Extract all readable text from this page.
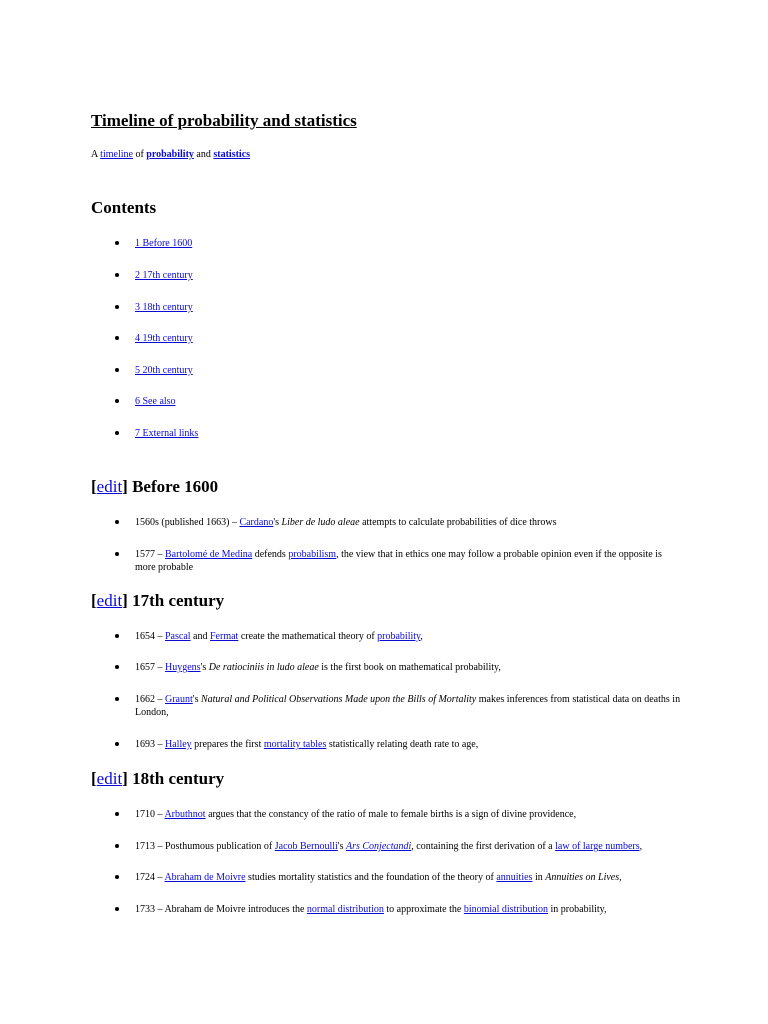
Timeline of probability and statistics
A timeline of probability and statistics
Contents
1 Before 1600
2 17th century
3 18th century
4 19th century
5 20th century
6 See also
7 External links
[edit] Before 1600
1560s (published 1663) – Cardano's Liber de ludo aleae attempts to calculate probabilities of dice throws
1577 – Bartolomé de Medina defends probabilism, the view that in ethics one may follow a probable opinion even if the opposite is more probable
[edit] 17th century
1654 – Pascal and Fermat create the mathematical theory of probability,
1657 – Huygens's De ratiociniis in ludo aleae is the first book on mathematical probability,
1662 – Graunt's Natural and Political Observations Made upon the Bills of Mortality makes inferences from statistical data on deaths in London,
1693 – Halley prepares the first mortality tables statistically relating death rate to age,
[edit] 18th century
1710 – Arbuthnot argues that the constancy of the ratio of male to female births is a sign of divine providence,
1713 – Posthumous publication of Jacob Bernoulli's Ars Conjectandi, containing the first derivation of a law of large numbers,
1724 – Abraham de Moivre studies mortality statistics and the foundation of the theory of annuities in Annuities on Lives,
1733 – Abraham de Moivre introduces the normal distribution to approximate the binomial distribution in probability,
